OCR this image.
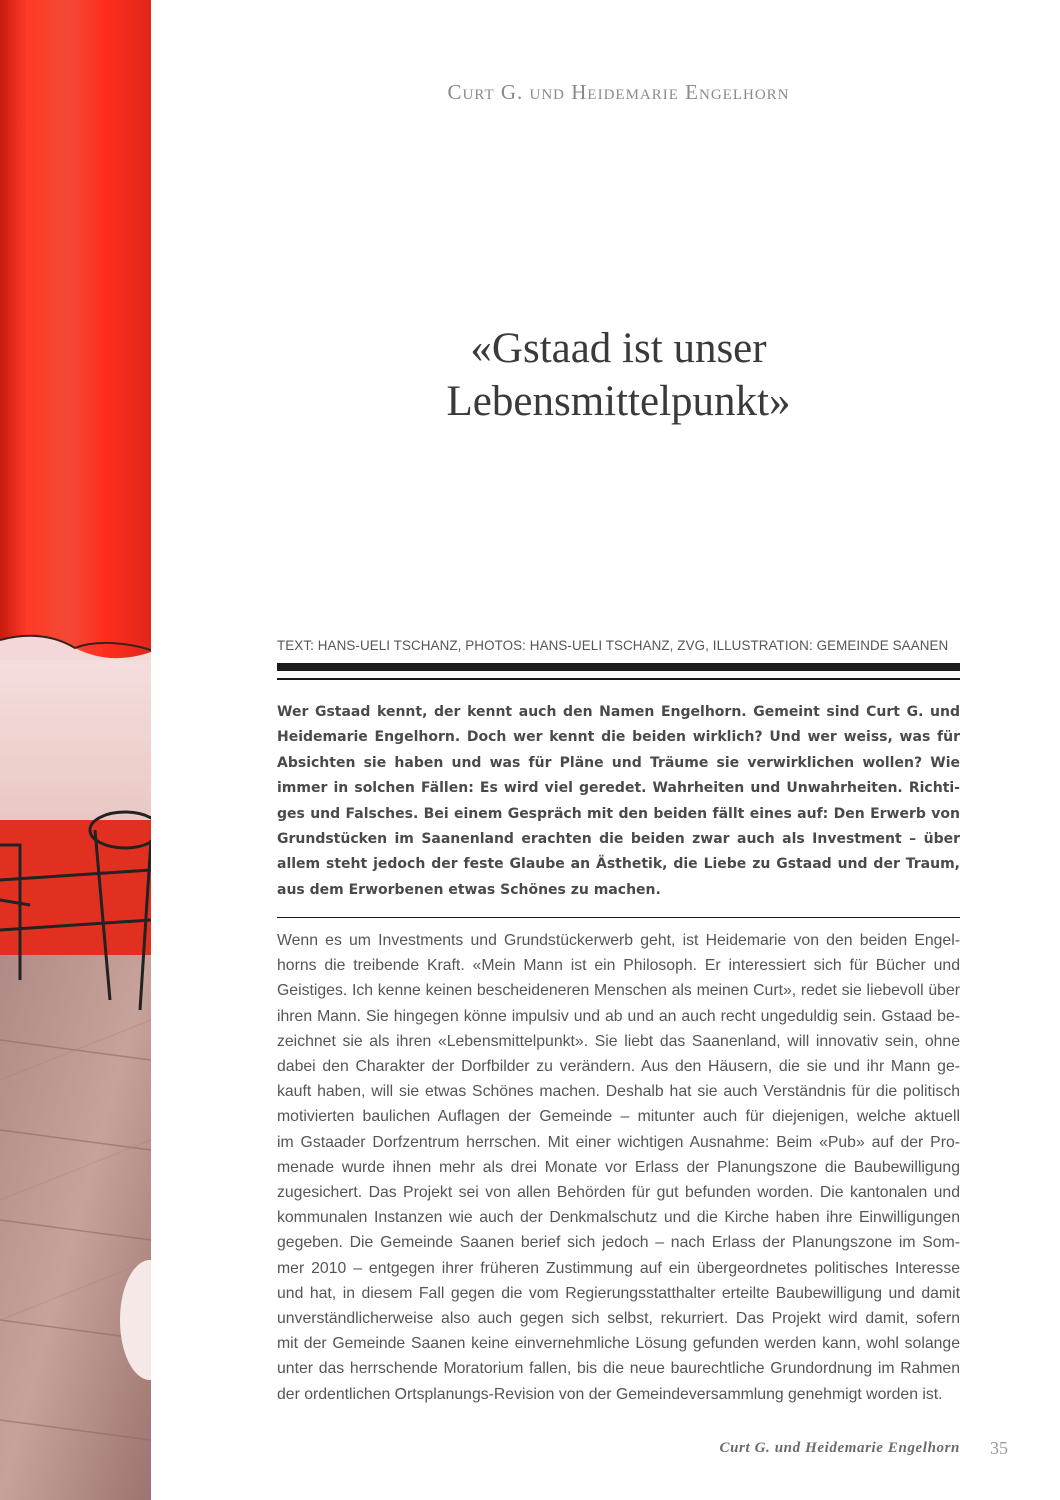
Curt G. und Heidemarie Engelhorn
«Gstaad ist unser
Lebensmittelpunkt»
TEXT: HANS-UELI TSCHANZ, PHOTOS: HANS-UELI TSCHANZ, ZVG, ILLUSTRATION: GEMEINDE SAANEN
Wer Gstaad kennt, der kennt auch den Namen Engelhorn. Gemeint sind Curt G. und
Heidemarie Engelhorn. Doch wer kennt die beiden wirklich? Und wer weiss, was für
Absichten sie haben und was für Pläne und Träume sie verwirklichen wollen? Wie
immer in solchen Fällen: Es wird viel geredet. Wahrheiten und Unwahrheiten. Richti-
ges und Falsches. Bei einem Gespräch mit den beiden fällt eines auf: Den Erwerb von
Grundstücken im Saanenland erachten die beiden zwar auch als Investment – über
allem steht jedoch der feste Glaube an Ästhetik, die Liebe zu Gstaad und der Traum,
aus dem Erworbenen etwas Schönes zu machen.
Wenn es um Investments und Grundstückerwerb geht, ist Heidemarie von den beiden Engel-
horns die treibende Kraft. «Mein Mann ist ein Philosoph. Er interessiert sich für Bücher und
Geistiges. Ich kenne keinen bescheideneren Menschen als meinen Curt», redet sie liebevoll über
ihren Mann. Sie hingegen könne impulsiv und ab und an auch recht ungeduldig sein. Gstaad be-
zeichnet sie als ihren «Lebensmittelpunkt». Sie liebt das Saanenland, will innovativ sein, ohne
dabei den Charakter der Dorfbilder zu verändern. Aus den Häusern, die sie und ihr Mann ge-
kauft haben, will sie etwas Schönes machen. Deshalb hat sie auch Verständnis für die politisch
motivierten baulichen Auflagen der Gemeinde – mitunter auch für diejenigen, welche aktuell
im Gstaader Dorfzentrum herrschen. Mit einer wichtigen Ausnahme: Beim «Pub» auf der Pro-
menade wurde ihnen mehr als drei Monate vor Erlass der Planungszone die Baubewilligung
zugesichert. Das Projekt sei von allen Behörden für gut befunden worden. Die kantonalen und
kommunalen Instanzen wie auch der Denkmalschutz und die Kirche haben ihre Einwilligungen
gegeben. Die Gemeinde Saanen berief sich jedoch – nach Erlass der Planungszone im Som-
mer 2010 – entgegen ihrer früheren Zustimmung auf ein übergeordnetes politisches Interesse
und hat, in diesem Fall gegen die vom Regierungsstatthalter erteilte Baubewilligung und damit
unverständlicherweise also auch gegen sich selbst, rekurriert. Das Projekt wird damit, sofern
mit der Gemeinde Saanen keine einvernehmliche Lösung gefunden werden kann, wohl solange
unter das herrschende Moratorium fallen, bis die neue baurechtliche Grundordnung im Rahmen
der ordentlichen Ortsplanungs-Revision von der Gemeindeversammlung genehmigt worden ist.
Curt G. und Heidemarie Engelhorn 35
